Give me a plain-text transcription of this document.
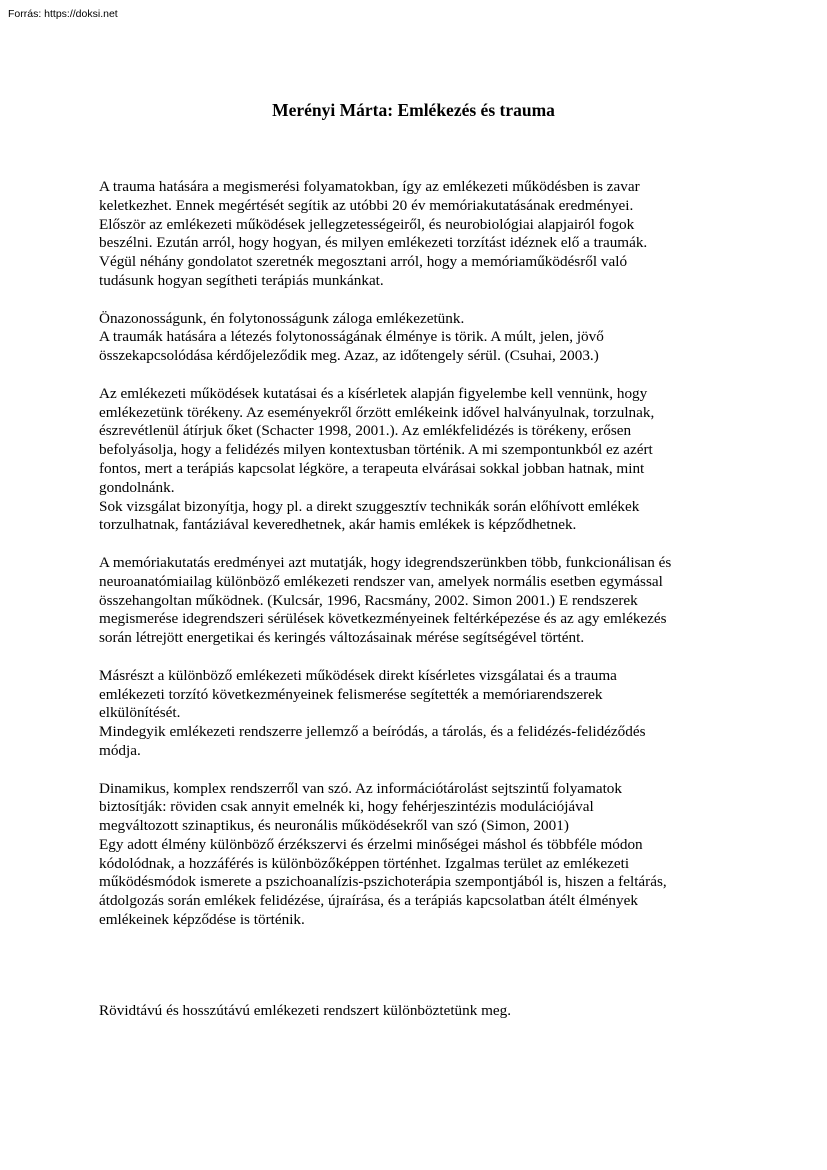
Forrás: https://doksi.net
Merényi Márta: Emlékezés és trauma

A trauma hatására a megismerési folyamatokban, így az emlékezeti működésben is zavar
keletkezhet. Ennek megértését segítik az utóbbi 20 év memóriakutatásának eredményei.
Először az emlékezeti működések jellegzetességeiről, és neurobiológiai alapjairól fogok
beszélni. Ezután arról, hogy hogyan, és milyen emlékezeti torzítást idéznek elő a traumák.
Végül néhány gondolatot szeretnék megosztani arról, hogy a memóriaműködésről való
tudásunk hogyan segítheti terápiás munkánkat.

Önazonosságunk, én folytonosságunk záloga emlékezetünk.
A traumák hatására a létezés folytonosságának élménye is törik. A múlt, jelen, jövő
összekapcsolódása kérdőjeleződik meg. Azaz, az időtengely sérül. (Csuhai, 2003.)

Az emlékezeti működések kutatásai és a kísérletek alapján figyelembe kell vennünk, hogy
emlékezetünk törékeny. Az eseményekről őrzött emlékeink idővel halványulnak, torzulnak,
észrevétlenül átírjuk őket (Schacter 1998, 2001.). Az emlékfelidézés is törékeny, erősen
befolyásolja, hogy a felidézés milyen kontextusban történik. A mi szempontunkból ez azért
fontos, mert a terápiás kapcsolat légköre, a terapeuta elvárásai sokkal jobban hatnak, mint
gondolnánk.
Sok vizsgálat bizonyítja, hogy pl. a direkt szuggesztív technikák során előhívott emlékek
torzulhatnak, fantáziával keveredhetnek, akár hamis emlékek is képződhetnek.

A memóriakutatás eredményei azt mutatják, hogy idegrendszerünkben több, funkcionálisan és
neuroanatómiailag különböző emlékezeti rendszer van, amelyek normális esetben egymással
összehangoltan működnek. (Kulcsár, 1996, Racsmány, 2002. Simon 2001.) E rendszerek
megismerése idegrendszeri sérülések következményeinek feltérképezése és az agy emlékezés
során létrejött energetikai és keringés változásainak mérése segítségével történt.

Másrészt a különböző emlékezeti működések direkt kísérletes vizsgálatai és a trauma
emlékezeti torzító következményeinek felismerése segítették a memóriarendszerek
elkülönítését.
Mindegyik emlékezeti rendszerre jellemző a beíródás, a tárolás, és a felidézés-felidéződés
módja.

Dinamikus, komplex rendszerről van szó. Az információtárolást sejtszintű folyamatok
biztosítják: röviden csak annyit emelnék ki, hogy fehérjeszintézis modulációjával
megváltozott szinaptikus, és neuronális működésekről van szó (Simon, 2001)
Egy adott élmény különböző érzékszervi és érzelmi minőségei máshol és többféle módon
kódolódnak, a hozzáférés is különbözőképpen történhet. Izgalmas terület az emlékezeti
működésmódok ismerete a pszichoanalízis-pszichoterápia szempontjából is, hiszen a feltárás,
átdolgozás során emlékek felidézése, újraírása, és a terápiás kapcsolatban átélt élmények
emlékeinek képződése is történik.

Rövidtávú és hosszútávú emlékezeti rendszert különböztetünk meg.
